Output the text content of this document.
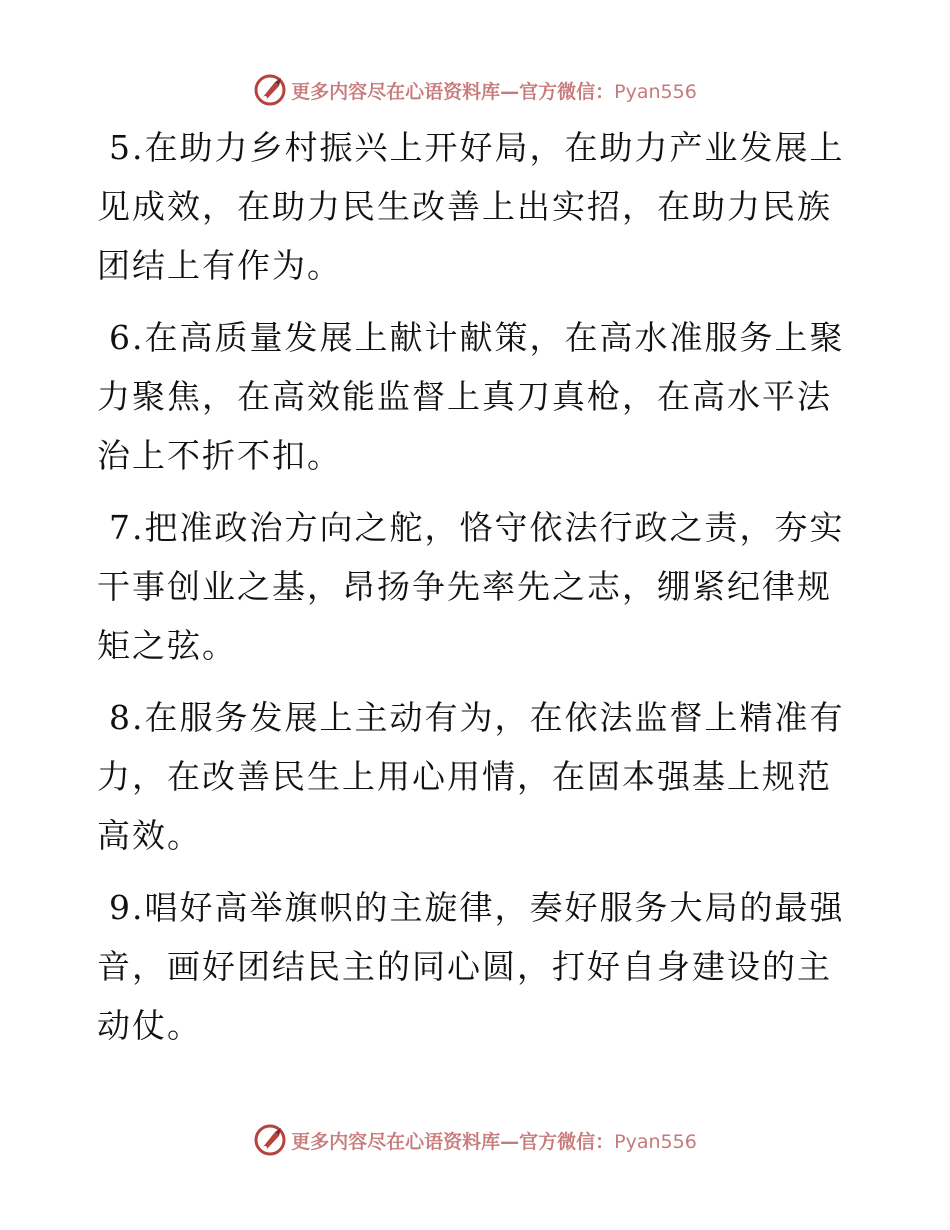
更多内容尽在心语资料库—官方微信：Pyan556

5.在助力乡村振兴上开好局，在助力产业发展上见成效，在助力民生改善上出实招，在助力民族团结上有作为。

6.在高质量发展上献计献策，在高水准服务上聚力聚焦，在高效能监督上真刀真枪，在高水平法治上不折不扣。

7.把准政治方向之舵，恪守依法行政之责，夯实干事创业之基，昂扬争先率先之志，绷紧纪律规矩之弦。

8.在服务发展上主动有为，在依法监督上精准有力，在改善民生上用心用情，在固本强基上规范高效。

9.唱好高举旗帜的主旋律，奏好服务大局的最强音，画好团结民主的同心圆，打好自身建设的主动仗。

更多内容尽在心语资料库—官方微信：Pyan556
